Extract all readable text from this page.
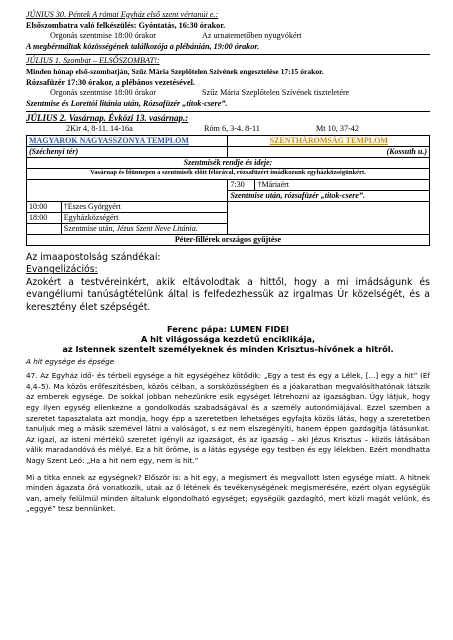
JÚNIUS 30. Péntek A római Egyház első szent vértanúi e.:
Elsőszombatra való felkészülés: Gyóntatás, 16:30 órakor.
Orgonás szentmise 18:00 órakor	Az urnatemetőben nyugvókért
A megbérmáltak közösségének találkozója a plébánián, 19:00 órakor.
JÚLIUS 1. Szombat – ELSŐSZOMBAT!:
Minden hónap első-szombatján, Szűz Mária Szeplőtelen Szívének engesztelése 17:15 órakor.
Rózsafüzér 17:30 órakor, a plébános vezetésével.
Orgonás szentmise 18:00 órakor	Szűz Mária Szeplőtelen Szívének tiszteletére
Szentmise és Lorettói litánia után, Rózsafüzér „titok-csere”.
JÚLIUS 2. Vasárnap. Évközi 13. vasárnap.:
2Kir 4, 8-11. 14-16a	Róm 6, 3-4. 8-11	Mt 10, 37-42
MAGYAROK NAGYASSZONYA TEMPLOM		SZENTHÁROMSÁG TEMPLOM	
(Széchenyi tér)		(Kossuth u.)	
Szentmisék rendje és ideje:			
Vasárnap és főünnepen a szentmisék előtt félórával, rózsafüzért imádkozunk egyházközségünkért.			
		7:30	†Máriaért
		Szentmise után, rózsafüzér „titok-csere”.	
10:00	†Eszes Györgyért		
18:00	Egyházközségért		
	Szentmise után, Jézus Szent Neve Litánia.		
Péter-fillérek országos gyűjtése			
Az imaapostolság szándékai:
Evangelizációs:
Azokért a testvéreinkért, akik eltávolodtak a hittől, hogy a mi imádságunk és evangéliumi tanúságtételünk által is felfedezhessük az irgalmas Úr közelségét, és a keresztény élet szépségét.
Ferenc pápa: LUMEN FIDEI
A hit világossága kezdetű enciklikája,
az Istennek szentelt személyeknek és minden Krisztus-hívőnek a hitről.
A hit egysége és épsége
47. Az Egyház idő- és térbeli egysége a hit egységéhez kötődik: „Egy a test és egy a Lélek, [...] egy a hit” (Ef 4,4–5). Ma közös erőfeszítésben, közös célban, a sorsközösségben és a jóakaratban megvalósíthatónak látszik az emberek egysége. De sokkal jobban nehezünkre esik egységet létrehozni az igazságban. Úgy látjuk, hogy egy ilyen egység ellenkezne a gondolkodás szabadságával és a személy autonómiájával. Ezzel szemben a szeretet tapasztalata azt mondja, hogy épp a szeretetben lehetséges egyfajta közös látás, hogy a szeretetben tanuljuk meg a másik szemével látni a valóságot, s ez nem elszegényíti, hanem éppen gazdagítja látásunkat. Az igazi, az isteni mértékű szeretet igényli az igazságot, és az igazság – aki Jézus Krisztus – közös látásában válik maradandóvá és mélyé. Ez a hit öröme, is a látás egysége egy testben és egy lélekben. Ezért mondhatta Nagy Szent Leó: „Ha a hit nem egy, nem is hit.”
Mi a titka ennek az egységnek? Először is: a hit egy, a megismert és megvallott Isten egysége miatt. A hitnek minden ágazata őrá vonatkozik, utak az ő létének és tevékenységének megismerésére, ezért olyan egységük van, amely felülmúl minden általunk elgondolható egységet; egységük gazdagító, mert közli magát velünk, és „eggyé” tesz bennünket.
